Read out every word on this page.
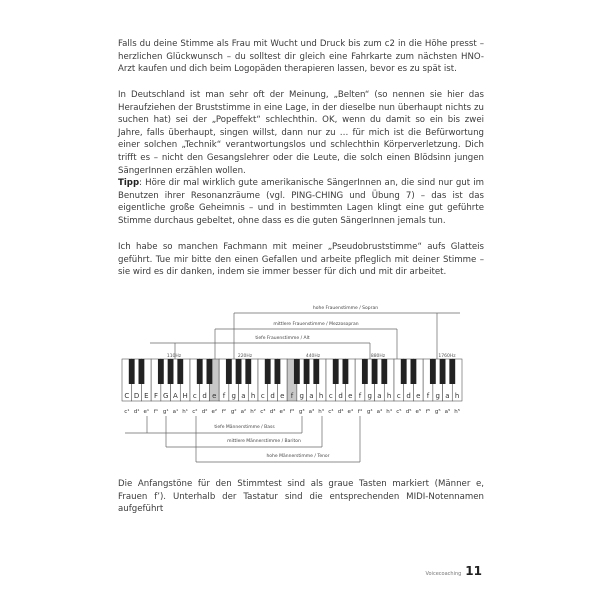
Falls du deine Stimme als Frau mit Wucht und Druck bis zum c2 in die Höhe presst – herzlichen Glückwunsch – du solltest dir gleich eine Fahrkarte zum nächsten HNO-Arzt kaufen und dich beim Logopäden therapieren lassen, bevor es zu spät ist.

In Deutschland ist man sehr oft der Meinung, „Belten“ (so nennen sie hier das Heraufziehen der Bruststimme in eine Lage, in der dieselbe nun überhaupt nichts zu suchen hat) sei der „Popeffekt“ schlechthin. OK, wenn du damit so ein bis zwei Jahre, falls überhaupt, singen willst, dann nur zu … für mich ist die Befürwortung einer solchen „Technik“ verantwortungslos und schlechthin Körperverletzung. Dich trifft es – nicht den Gesangslehrer oder die Leute, die solch einen Blödsinn jungen SängerInnen erzählen wollen.

Tipp: Höre dir mal wirklich gute amerikanische SängerInnen an, die sind nur gut im Benutzen ihrer Resonanzräume (vgl. PING-CHING und Übung 7) – das ist das eigentliche große Geheimnis – und in bestimmten Lagen klingt eine gut geführte Stimme durchaus gebeltet, ohne dass es die guten SängerInnen jemals tun.

Ich habe so manchen Fachmann mit meiner „Pseudobruststimme“ aufs Glatteis geführt. Tue mir bitte den einen Gefallen und arbeite pfleglich mit deiner Stimme – sie wird es dir danken, indem sie immer besser für dich und mit dir arbeitet.

C
c¹
D
d¹
E
e¹
F
f¹
G
g¹
A
a¹
H
h¹
c
c²
d
d²
e
e²
f
f²
g
g²
a
a²
h
h²
c
c³
d
d³
e
e³
f
f³
g
g³
a
a³
h
h³
c
c⁴
d
d⁴
e
e⁴
f
f⁴
g
g⁴
a
a⁴
h
h⁴
c
c⁵
d
d⁵
e
e⁵
f
f⁵
g
g⁵
a
a⁵
h
h⁵
110Hz	220Hz	440Hz	880Hz	1760Hz
hohe Frauenstimme / Sopran
mittlere Frauenstimme / Mezzosopran
tiefe Frauenstimme / Alt
tiefe Männerstimme / Bass
mittlere Männerstimme / Bariton
hohe Männerstimme / Tenor

Die Anfangstöne für den Stimmtest sind als graue Tasten markiert (Männer e, Frauen f’). Unterhalb der Tastatur sind die entsprechenden MIDI-Notennamen aufgeführt

Voicecoaching 11
